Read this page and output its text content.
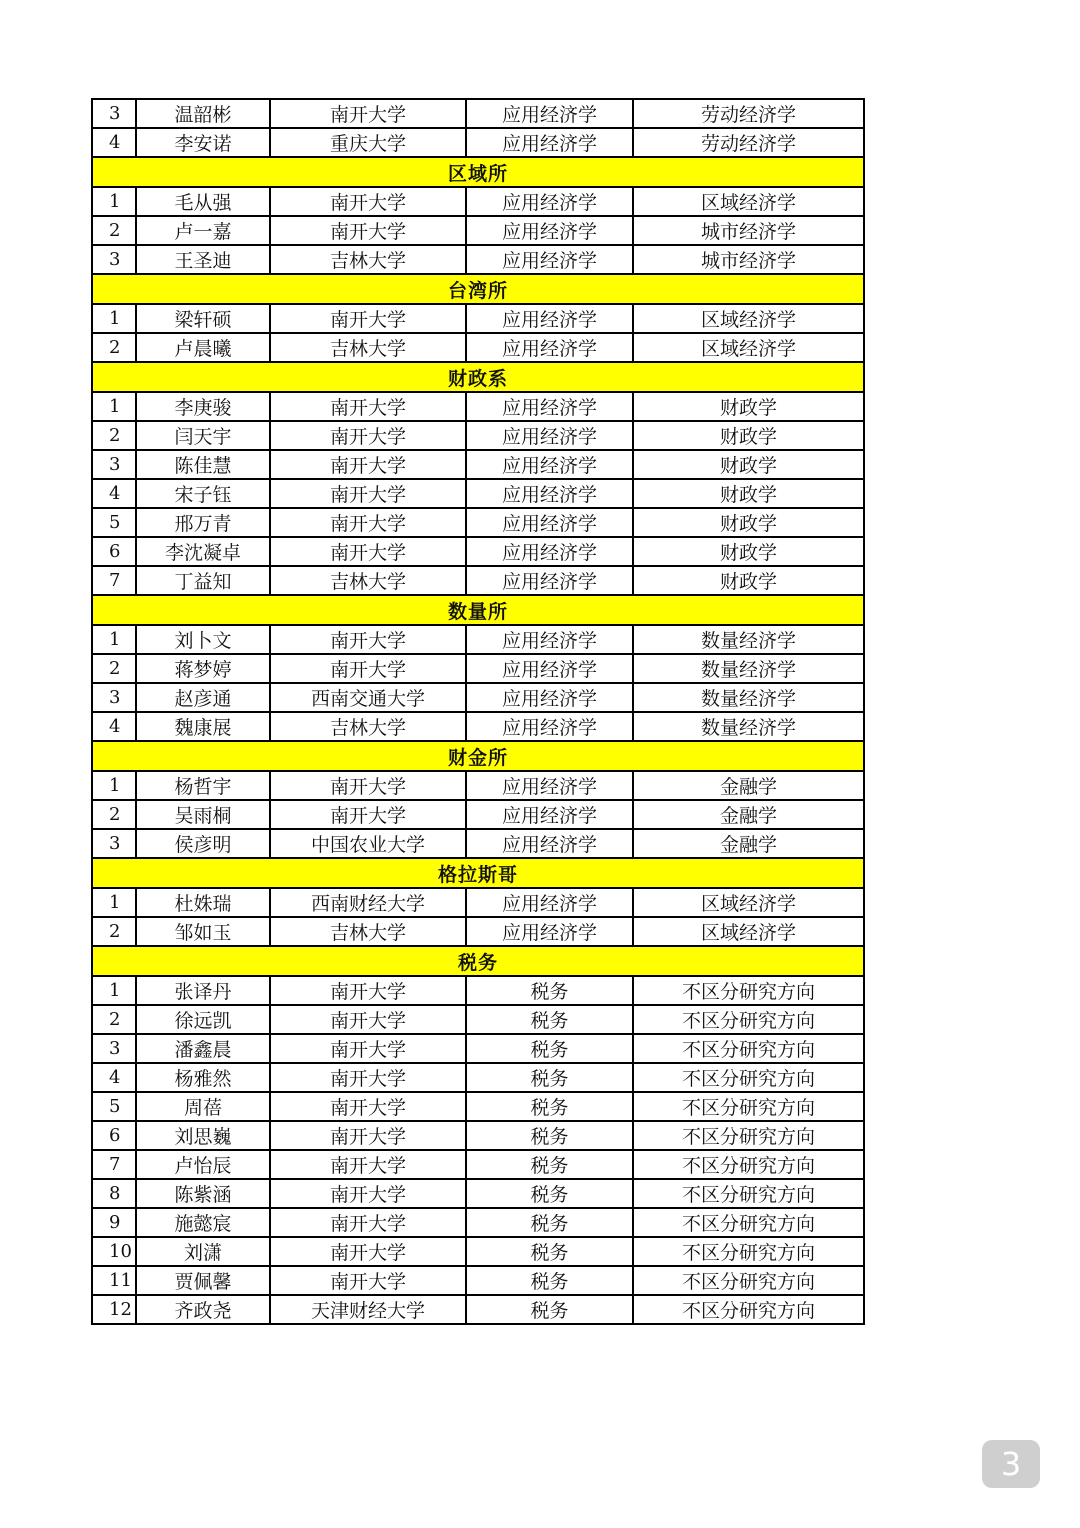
3	温韶彬	南开大学	应用经济学	劳动经济学
4	李安诺	重庆大学	应用经济学	劳动经济学
区域所				
1	毛从强	南开大学	应用经济学	区域经济学
2	卢一嘉	南开大学	应用经济学	城市经济学
3	王圣迪	吉林大学	应用经济学	城市经济学
台湾所				
1	梁轩硕	南开大学	应用经济学	区域经济学
2	卢晨曦	吉林大学	应用经济学	区域经济学
财政系				
1	李庚骏	南开大学	应用经济学	财政学
2	闫天宇	南开大学	应用经济学	财政学
3	陈佳慧	南开大学	应用经济学	财政学
4	宋子钰	南开大学	应用经济学	财政学
5	邢万青	南开大学	应用经济学	财政学
6	李沈凝卓	南开大学	应用经济学	财政学
7	丁益知	吉林大学	应用经济学	财政学
数量所				
1	刘卜文	南开大学	应用经济学	数量经济学
2	蒋梦婷	南开大学	应用经济学	数量经济学
3	赵彦通	西南交通大学	应用经济学	数量经济学
4	魏康展	吉林大学	应用经济学	数量经济学
财金所				
1	杨哲宇	南开大学	应用经济学	金融学
2	吴雨桐	南开大学	应用经济学	金融学
3	侯彦明	中国农业大学	应用经济学	金融学
格拉斯哥				
1	杜姝瑞	西南财经大学	应用经济学	区域经济学
2	邹如玉	吉林大学	应用经济学	区域经济学
税务				
1	张译丹	南开大学	税务	不区分研究方向
2	徐远凯	南开大学	税务	不区分研究方向
3	潘鑫晨	南开大学	税务	不区分研究方向
4	杨雅然	南开大学	税务	不区分研究方向
5	周蓓	南开大学	税务	不区分研究方向
6	刘思巍	南开大学	税务	不区分研究方向
7	卢怡辰	南开大学	税务	不区分研究方向
8	陈紫涵	南开大学	税务	不区分研究方向
9	施懿宸	南开大学	税务	不区分研究方向
10	刘潇	南开大学	税务	不区分研究方向
11	贾佩馨	南开大学	税务	不区分研究方向
12	齐政尧	天津财经大学	税务	不区分研究方向
3
